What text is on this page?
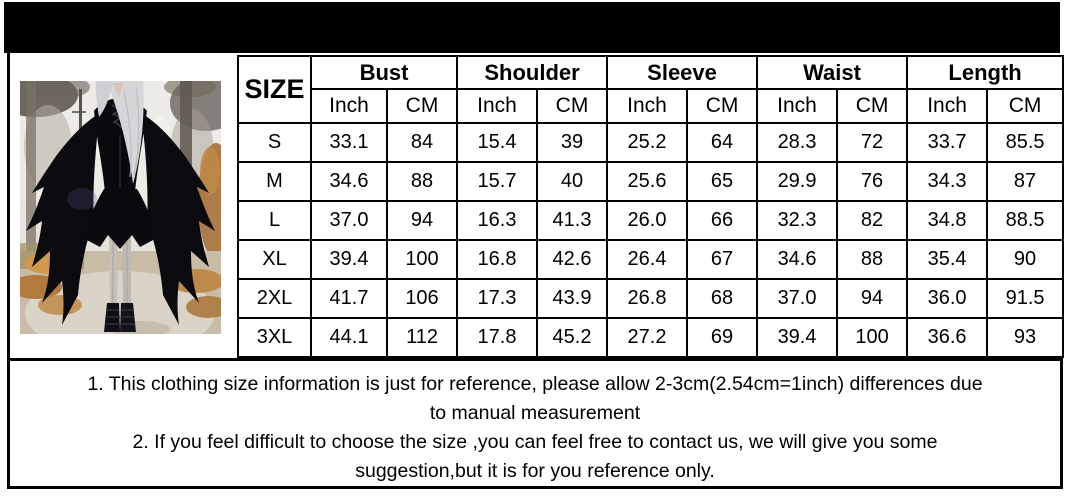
SIZE	Bust		Shoulder		Sleeve		Waist		Length	
	Inch	CM	Inch	CM	Inch	CM	Inch	CM	Inch	CM
S	33.1	84	15.4	39	25.2	64	28.3	72	33.7	85.5
M	34.6	88	15.7	40	25.6	65	29.9	76	34.3	87
L	37.0	94	16.3	41.3	26.0	66	32.3	82	34.8	88.5
XL	39.4	100	16.8	42.6	26.4	67	34.6	88	35.4	90
2XL	41.7	106	17.3	43.9	26.8	68	37.0	94	36.0	91.5
3XL	44.1	112	17.8	45.2	27.2	69	39.4	100	36.6	93
1. This clothing size information is just for reference, please allow 2-3cm(2.54cm=1inch) differences due
to manual measurement
2. If you feel difficult to choose the size ,you can feel free to contact us, we will give you some
suggestion,but it is for you reference only.
